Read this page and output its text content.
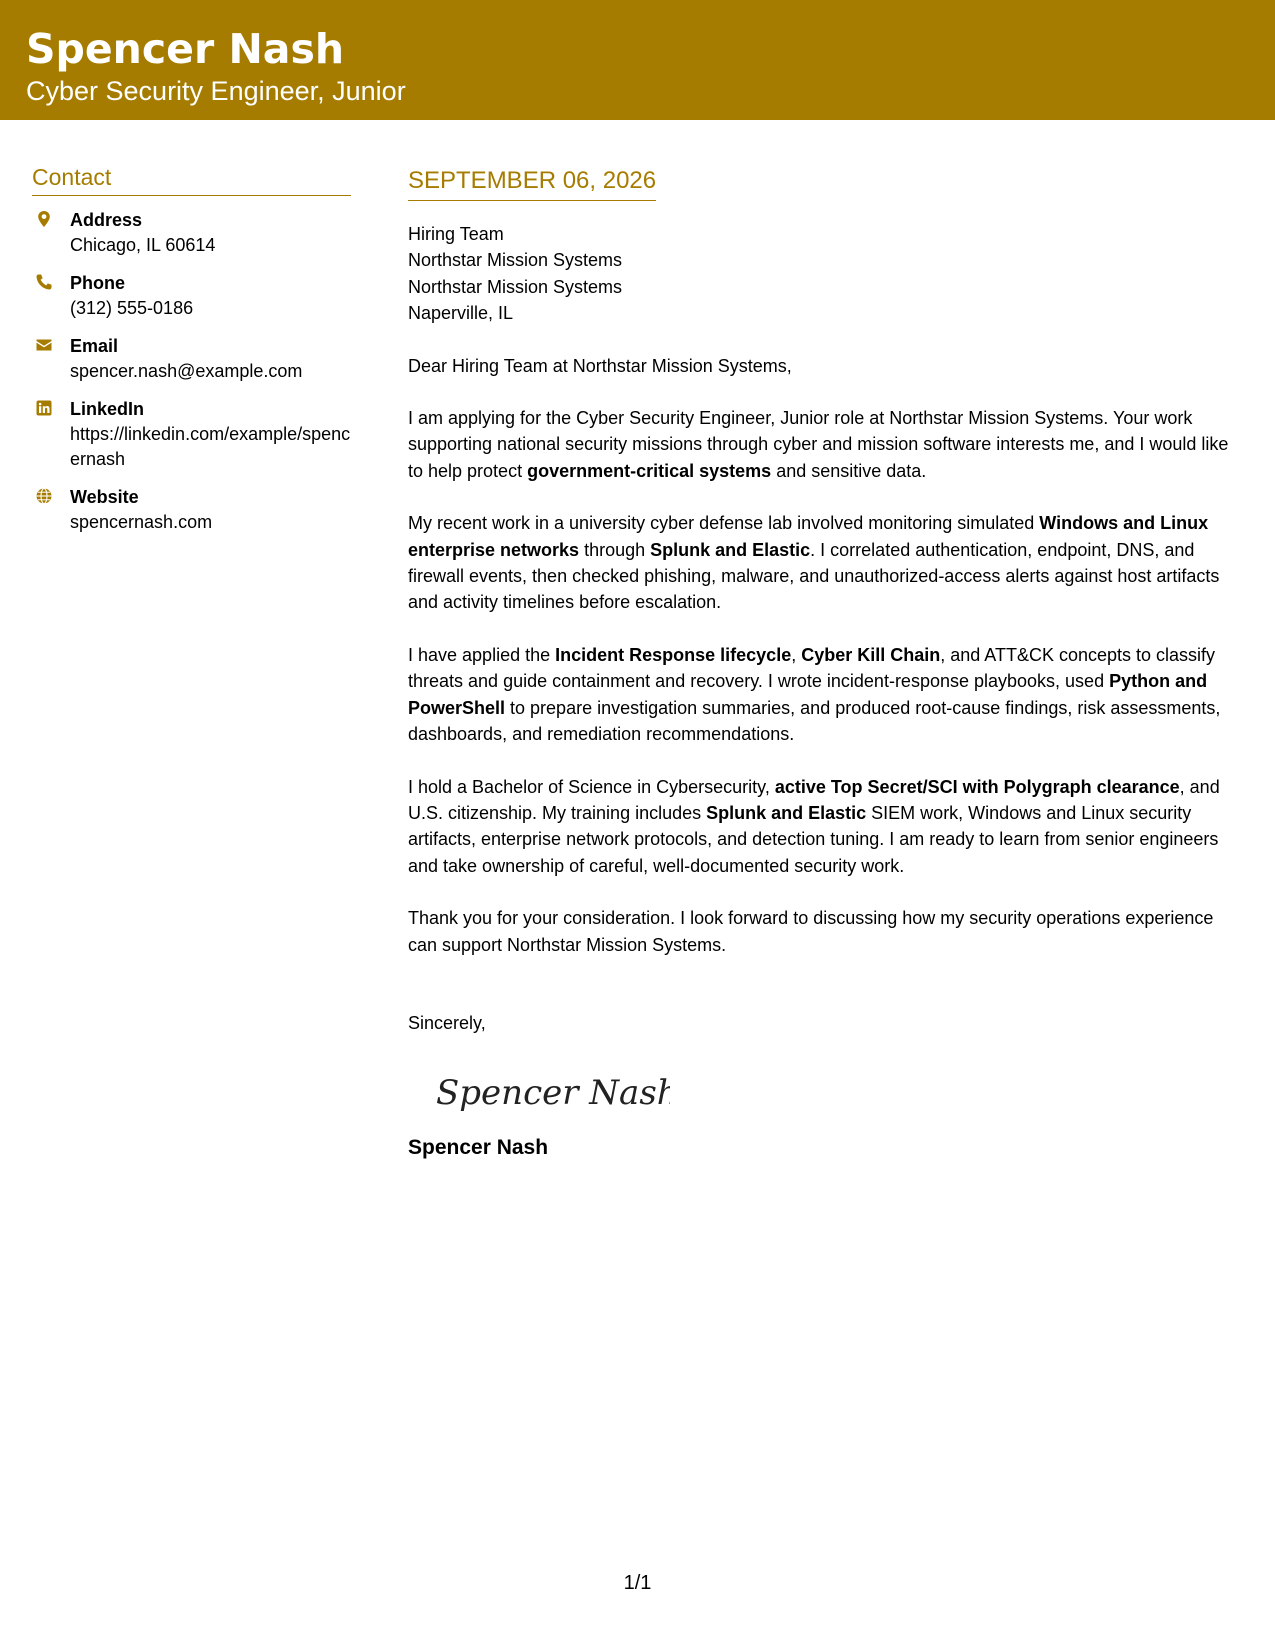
Spencer Nash
Cyber Security Engineer, Junior
Contact
Address
Chicago, IL 60614
Phone
(312) 555-0186
Email
spencer.nash@example.com
LinkedIn
https://linkedin.com/example/spencernash
Website
spencernash.com
SEPTEMBER 06, 2026
Hiring Team
Northstar Mission Systems
Northstar Mission Systems
Naperville, IL
Dear Hiring Team at Northstar Mission Systems,

I am applying for the Cyber Security Engineer, Junior role at Northstar Mission Systems. Your work supporting national security missions through cyber and mission software interests me, and I would like to help protect government-critical systems and sensitive data.

My recent work in a university cyber defense lab involved monitoring simulated Windows and Linux enterprise networks through Splunk and Elastic. I correlated authentication, endpoint, DNS, and firewall events, then checked phishing, malware, and unauthorized-access alerts against host artifacts and activity timelines before escalation.

I have applied the Incident Response lifecycle, Cyber Kill Chain, and ATT&CK concepts to classify threats and guide containment and recovery. I wrote incident-response playbooks, used Python and PowerShell to prepare investigation summaries, and produced root-cause findings, risk assessments, dashboards, and remediation recommendations.

I hold a Bachelor of Science in Cybersecurity, active Top Secret/SCI with Polygraph clearance, and U.S. citizenship. My training includes Splunk and Elastic SIEM work, Windows and Linux security artifacts, enterprise network protocols, and detection tuning. I am ready to learn from senior engineers and take ownership of careful, well-documented security work.

Thank you for your consideration. I look forward to discussing how my security operations experience can support Northstar Mission Systems.

Sincerely,
Spencer Nash
Spencer Nash
1/1
